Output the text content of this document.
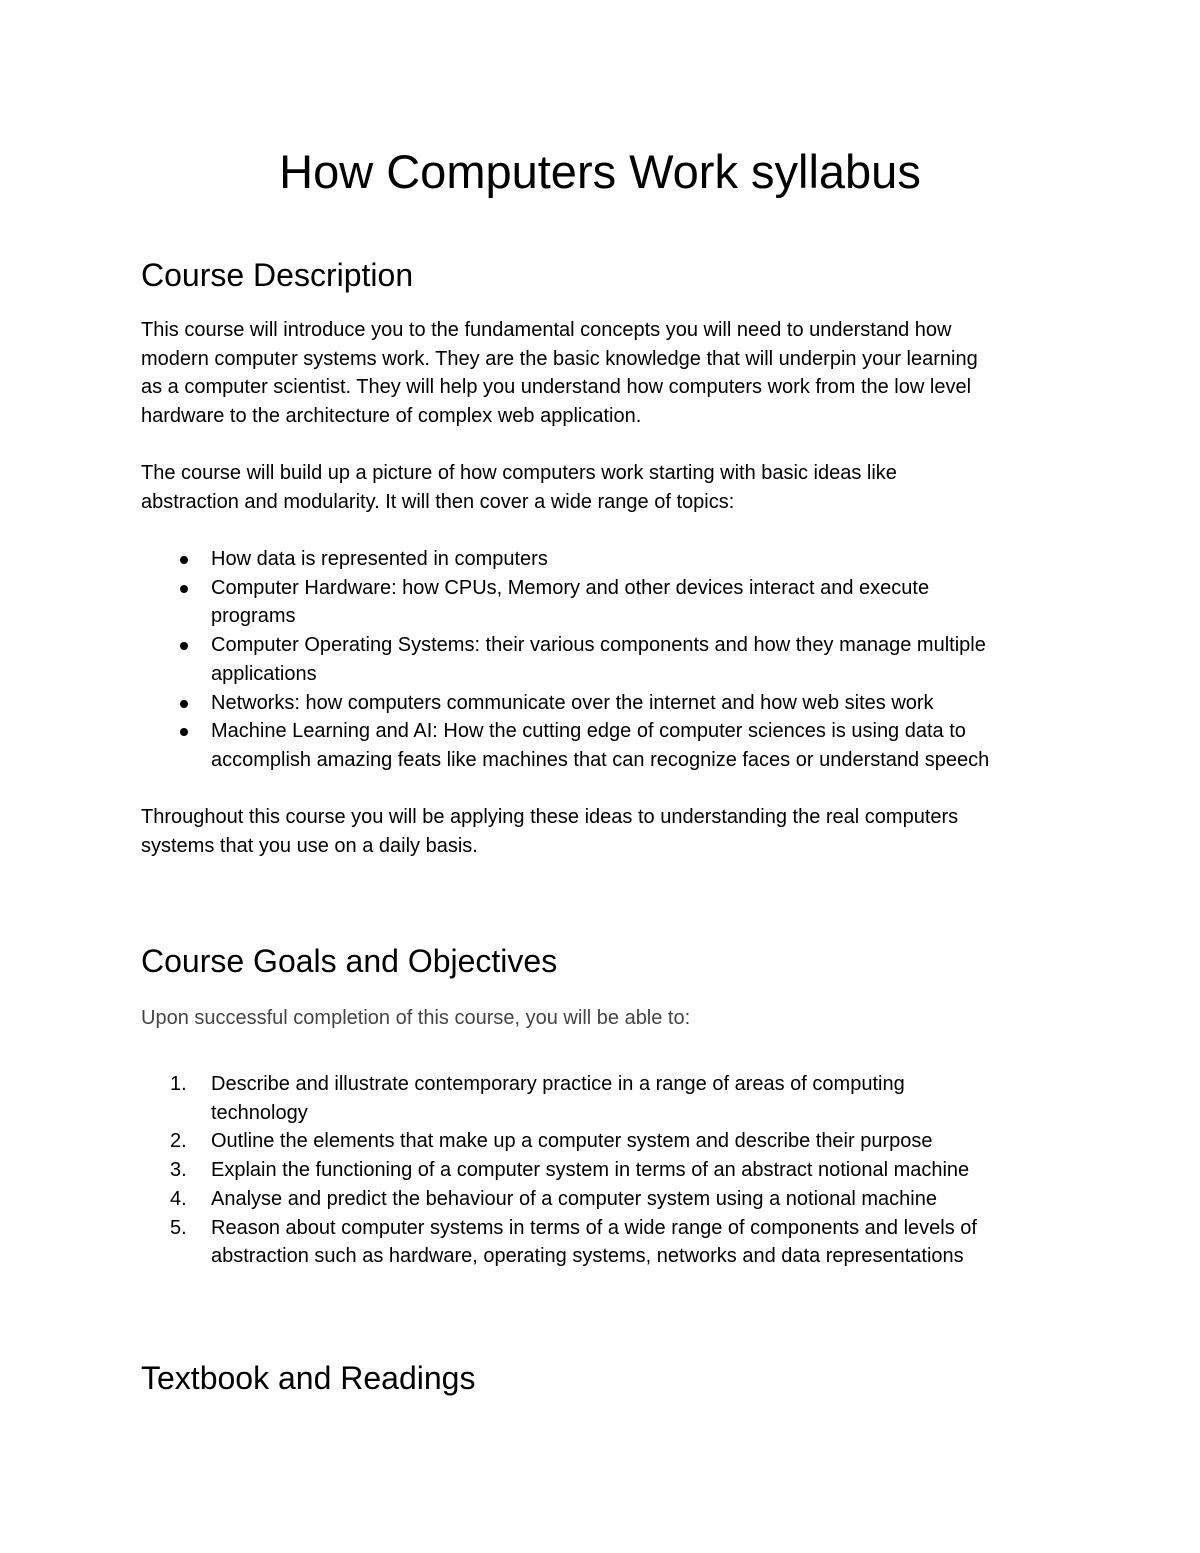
How Computers Work syllabus
Course Description

This course will introduce you to the fundamental concepts you will need to understand how
modern computer systems work. They are the basic knowledge that will underpin your learning
as a computer scientist. They will help you understand how computers work from the low level
hardware to the architecture of complex web application.

The course will build up a picture of how computers work starting with basic ideas like
abstraction and modularity. It will then cover a wide range of topics:

How data is represented in computers
Computer Hardware: how CPUs, Memory and other devices interact and execute
programs
Computer Operating Systems: their various components and how they manage multiple
applications
Networks: how computers communicate over the internet and how web sites work
Machine Learning and AI: How the cutting edge of computer sciences is using data to
accomplish amazing feats like machines that can recognize faces or understand speech

Throughout this course you will be applying these ideas to understanding the real computers
systems that you use on a daily basis.

Course Goals and Objectives

Upon successful completion of this course, you will be able to:

1.	Describe and illustrate contemporary practice in a range of areas of computing
technology
2.	Outline the elements that make up a computer system and describe their purpose
3.	Explain the functioning of a computer system in terms of an abstract notional machine
4.	Analyse and predict the behaviour of a computer system using a notional machine
5.	Reason about computer systems in terms of a wide range of components and levels of
abstraction such as hardware, operating systems, networks and data representations
Textbook and Readings
